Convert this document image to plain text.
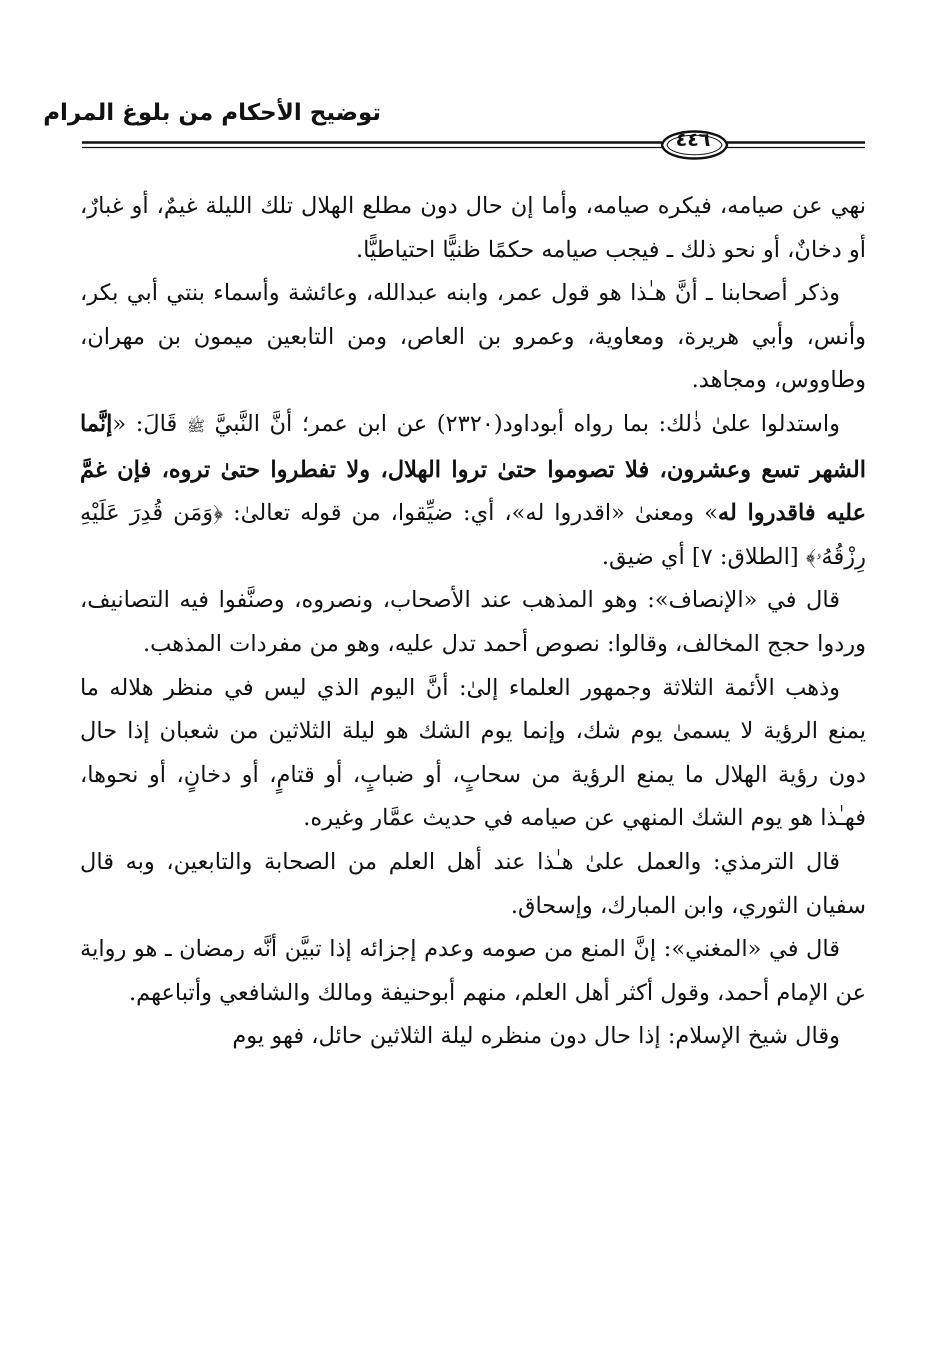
توضيح الأحكام من بلوغ المرام
٤٤٦

نهي عن صيامه، فيكره صيامه، وأما إن حال دون مطلع الهلال تلك الليلة غيمٌ، أو غبارٌ، أو دخانٌ، أو نحو ذلك ـ فيجب صيامه حكمًا ظنيًّا احتياطيًّا.

وذكر أصحابنا ـ أنَّ هـٰذا هو قول عمر، وابنه عبدالله، وعائشة وأسماء بنتي أبي بكر، وأنس، وأبي هريرة، ومعاوية، وعمرو بن العاص، ومن التابعين ميمون بن مهران، وطاووس، ومجاهد.

واستدلوا علىٰ ذٰلك: بما رواه أبوداود(٢٣٢٠) عن ابن عمر؛ أنَّ النَّبيَّ ﷺ قَالَ: «إنَّما الشهر تسع وعشرون، فلا تصوموا حتىٰ تروا الهلال، ولا تفطروا حتىٰ تروه، فإن غمَّ عليه فاقدروا له» ومعنىٰ «اقدروا له»، أي: ضيِّقوا، من قوله تعالىٰ: ﴿وَمَن قُدِرَ عَلَيْهِ رِزْقُهُۥ﴾ [الطلاق: ٧] أي ضيق.

قال في «الإنصاف»: وهو المذهب عند الأصحاب، ونصروه، وصنَّفوا فيه التصانيف، وردوا حجج المخالف، وقالوا: نصوص أحمد تدل عليه، وهو من مفردات المذهب.

وذهب الأئمة الثلاثة وجمهور العلماء إلىٰ: أنَّ اليوم الذي ليس في منظر هلاله ما يمنع الرؤية لا يسمىٰ يوم شك، وإنما يوم الشك هو ليلة الثلاثين من شعبان إذا حال دون رؤية الهلال ما يمنع الرؤية من سحابٍ، أو ضبابٍ، أو قتامٍ، أو دخانٍ، أو نحوها، فهـٰذا هو يوم الشك المنهي عن صيامه في حديث عمَّار وغيره.

قال الترمذي: والعمل علىٰ هـٰذا عند أهل العلم من الصحابة والتابعين، وبه قال سفيان الثوري، وابن المبارك، وإسحاق.

قال في «المغني»: إنَّ المنع من صومه وعدم إجزائه إذا تبيَّن أنَّه رمضان ـ هو رواية عن الإمام أحمد، وقول أكثر أهل العلم، منهم أبوحنيفة ومالك والشافعي وأتباعهم.

وقال شيخ الإسلام: إذا حال دون منظره ليلة الثلاثين حائل، فهو يوم
